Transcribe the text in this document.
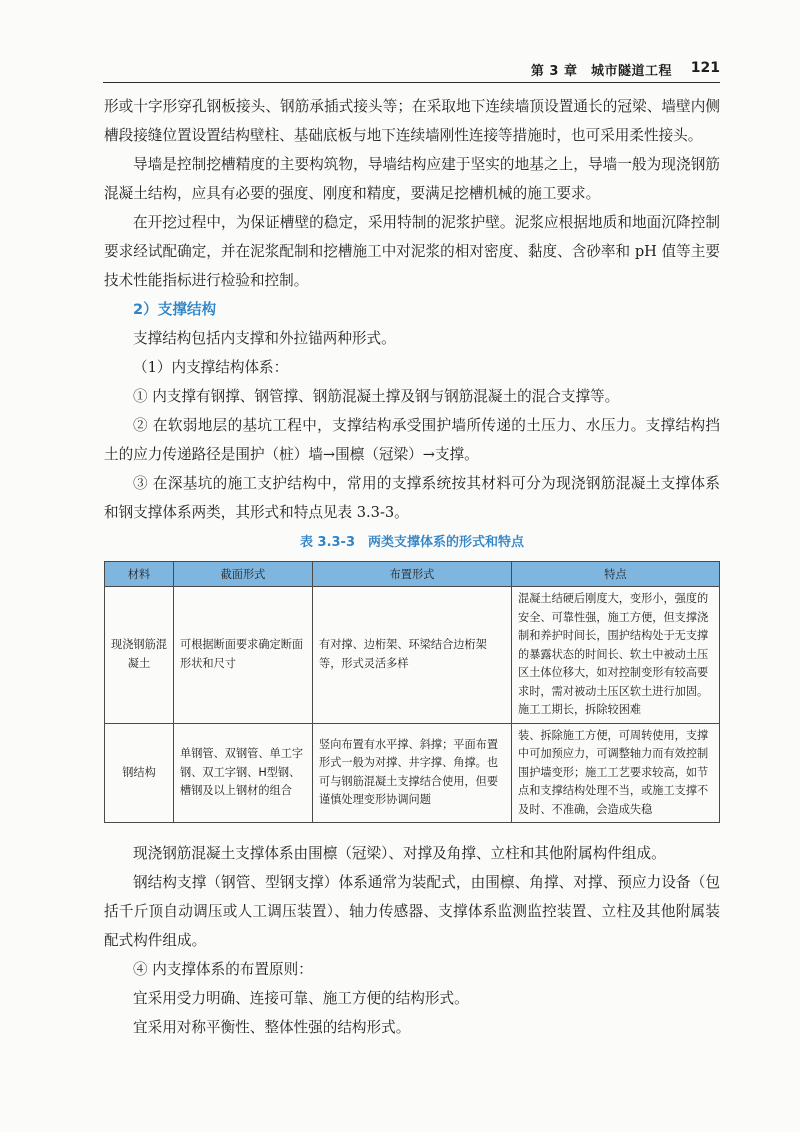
第 3 章　城市隧道工程 121

形或十字形穿孔钢板接头、钢筋承插式接头等；在采取地下连续墙顶设置通长的冠梁、墙壁内侧槽段接缝位置设置结构壁柱、基础底板与地下连续墙刚性连接等措施时，也可采用柔性接头。

导墙是控制挖槽精度的主要构筑物，导墙结构应建于坚实的地基之上，导墙一般为现浇钢筋混凝土结构，应具有必要的强度、刚度和精度，要满足挖槽机械的施工要求。

在开挖过程中，为保证槽壁的稳定，采用特制的泥浆护壁。泥浆应根据地质和地面沉降控制要求经试配确定，并在泥浆配制和挖槽施工中对泥浆的相对密度、黏度、含砂率和 pH 值等主要技术性能指标进行检验和控制。

2）支撑结构

支撑结构包括内支撑和外拉锚两种形式。

（1）内支撑结构体系：

① 内支撑有钢撑、钢管撑、钢筋混凝土撑及钢与钢筋混凝土的混合支撑等。

② 在软弱地层的基坑工程中，支撑结构承受围护墙所传递的土压力、水压力。支撑结构挡土的应力传递路径是围护（桩）墙→围檩（冠梁）→支撑。

③ 在深基坑的施工支护结构中，常用的支撑系统按其材料可分为现浇钢筋混凝土支撑体系和钢支撑体系两类，其形式和特点见表 3.3-3。

表 3.3-3　两类支撑体系的形式和特点
材料	截面形式	布置形式	特点
现浇钢筋混凝土	可根据断面要求确定断面形状和尺寸	有对撑、边桁架、环梁结合边桁架等，形式灵活多样	混凝土结硬后刚度大，变形小，强度的安全、可靠性强，施工方便，但支撑浇制和养护时间长，围护结构处于无支撑的暴露状态的时间长、软土中被动土压区土体位移大，如对控制变形有较高要求时，需对被动土压区软土进行加固。施工工期长，拆除较困难
钢结构	单钢管、双钢管、单工字钢、双工字钢、H型钢、槽钢及以上钢材的组合	竖向布置有水平撑、斜撑；平面布置形式一般为对撑、井字撑、角撑。也可与钢筋混凝土支撑结合使用，但要谨慎处理变形协调问题	装、拆除施工方便，可周转使用，支撑中可加预应力，可调整轴力而有效控制围护墙变形；施工工艺要求较高，如节点和支撑结构处理不当，或施工支撑不及时、不准确，会造成失稳

现浇钢筋混凝土支撑体系由围檩（冠梁）、对撑及角撑、立柱和其他附属构件组成。

钢结构支撑（钢管、型钢支撑）体系通常为装配式，由围檩、角撑、对撑、预应力设备（包括千斤顶自动调压或人工调压装置）、轴力传感器、支撑体系监测监控装置、立柱及其他附属装配式构件组成。

④ 内支撑体系的布置原则：

宜采用受力明确、连接可靠、施工方便的结构形式。

宜采用对称平衡性、整体性强的结构形式。
